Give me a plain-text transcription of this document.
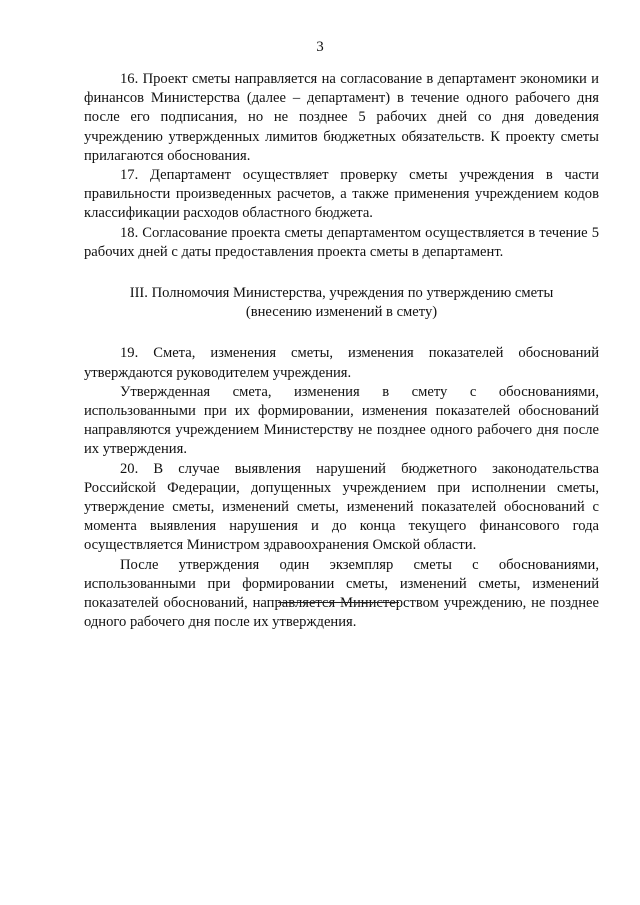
3

16. Проект сметы направляется на согласование в департамент экономики и финансов Министерства (далее – департамент) в течение одного рабочего дня после его подписания, но не позднее 5 рабочих дней со дня доведения учреждению утвержденных лимитов бюджетных обязательств. К проекту сметы прилагаются обоснования.

17. Департамент осуществляет проверку сметы учреждения в части правильности произведенных расчетов, а также применения учреждением кодов классификации расходов областного бюджета.

18. Согласование проекта сметы департаментом осуществляется в течение 5 рабочих дней с даты предоставления проекта сметы в департамент.

III. Полномочия Министерства, учреждения по утверждению сметы
(внесению изменений в смету)

19. Смета, изменения сметы, изменения показателей обоснований утверждаются руководителем учреждения.

Утвержденная смета, изменения в смету с обоснованиями, использованными при их формировании, изменения показателей обоснований направляются учреждением Министерству не позднее одного рабочего дня после их утверждения.

20. В случае выявления нарушений бюджетного законодательства Российской Федерации, допущенных учреждением при исполнении сметы, утверждение сметы, изменений сметы, изменений показателей обоснований с момента выявления нарушения и до конца текущего финансового года осуществляется Министром здравоохранения Омской области.

После утверждения один экземпляр сметы с обоснованиями, использованными при формировании сметы, изменений сметы, изменений показателей обоснований, направляется Министерством учреждению, не позднее одного рабочего дня после их утверждения.
